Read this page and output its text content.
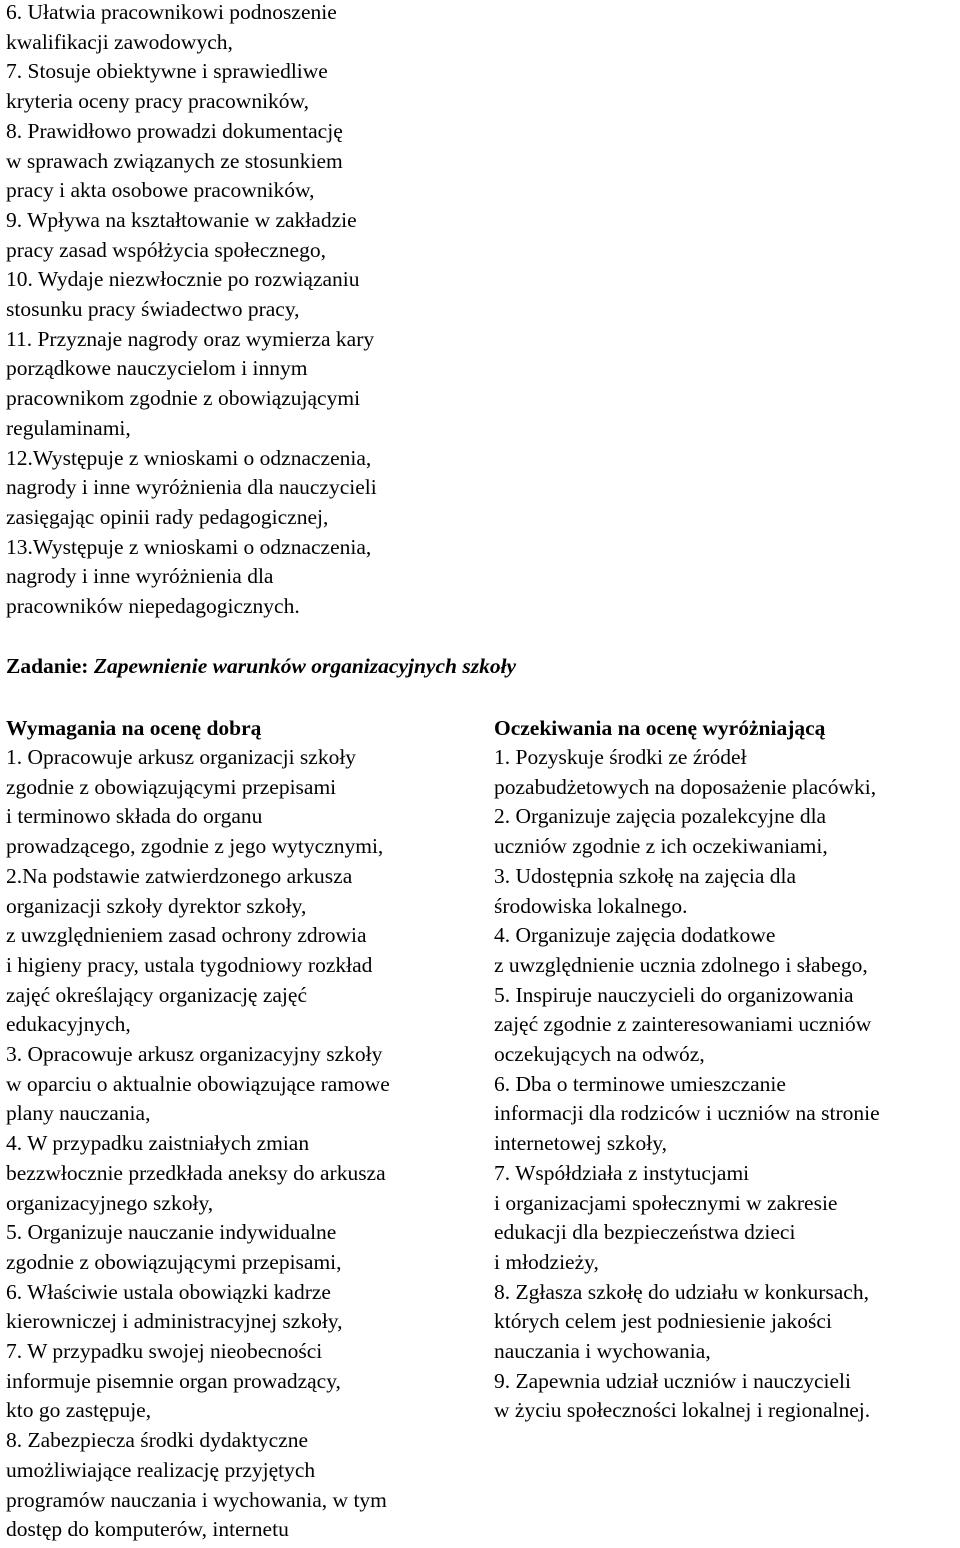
6. Ułatwia pracownikowi podnoszenie
kwalifikacji zawodowych,
7. Stosuje obiektywne i sprawiedliwe
kryteria oceny pracy pracowników,
8. Prawidłowo prowadzi dokumentację
w sprawach związanych ze stosunkiem
pracy i akta osobowe pracowników,
9. Wpływa na kształtowanie w zakładzie
pracy zasad współżycia społecznego,
10. Wydaje niezwłocznie po rozwiązaniu
stosunku pracy świadectwo pracy,
11. Przyznaje nagrody oraz wymierza kary
porządkowe nauczycielom i innym
pracownikom zgodnie z obowiązującymi
regulaminami,
12.Występuje z wnioskami o odznaczenia,
nagrody i inne wyróżnienia dla nauczycieli
zasięgając opinii rady pedagogicznej,
13.Występuje z wnioskami o odznaczenia,
nagrody i inne wyróżnienia dla
pracowników niepedagogicznych.
Zadanie: Zapewnienie warunków organizacyjnych szkoły
Wymagania na ocenę dobrą
1. Opracowuje arkusz organizacji szkoły
zgodnie z obowiązującymi przepisami
i terminowo składa do organu
prowadzącego, zgodnie z jego wytycznymi,
2.Na podstawie zatwierdzonego arkusza
organizacji szkoły dyrektor szkoły,
z uwzględnieniem zasad ochrony zdrowia
i higieny pracy, ustala tygodniowy rozkład
zajęć określający organizację zajęć
edukacyjnych,
3. Opracowuje arkusz organizacyjny szkoły
w oparciu o aktualnie obowiązujące ramowe
plany nauczania,
4. W przypadku zaistniałych zmian
bezzwłocznie przedkłada aneksy do arkusza
organizacyjnego szkoły,
5. Organizuje nauczanie indywidualne
zgodnie z obowiązującymi przepisami,
6. Właściwie ustala obowiązki kadrze
kierowniczej i administracyjnej szkoły,
7. W przypadku swojej nieobecności
informuje pisemnie organ prowadzący,
kto go zastępuje,
8. Zabezpiecza środki dydaktyczne
umożliwiające realizację przyjętych
programów nauczania i wychowania, w tym
dostęp do komputerów, internetu
Oczekiwania na ocenę wyróżniającą
1. Pozyskuje środki ze źródeł
pozabudżetowych na doposażenie placówki,
2. Organizuje zajęcia pozalekcyjne dla
uczniów zgodnie z ich oczekiwaniami,
3. Udostępnia szkołę na zajęcia dla
środowiska lokalnego.
4. Organizuje zajęcia dodatkowe
z uwzględnienie ucznia zdolnego i słabego,
5. Inspiruje nauczycieli do organizowania
zajęć zgodnie z zainteresowaniami uczniów
oczekujących na odwóz,
6. Dba o terminowe umieszczanie
informacji dla rodziców i uczniów na stronie
internetowej szkoły,
7. Współdziała z instytucjami
i organizacjami społecznymi w zakresie
edukacji dla bezpieczeństwa dzieci
i młodzieży,
8. Zgłasza szkołę do udziału w konkursach,
których celem jest podniesienie jakości
nauczania i wychowania,
9. Zapewnia udział uczniów i nauczycieli
w życiu społeczności lokalnej i regionalnej.
